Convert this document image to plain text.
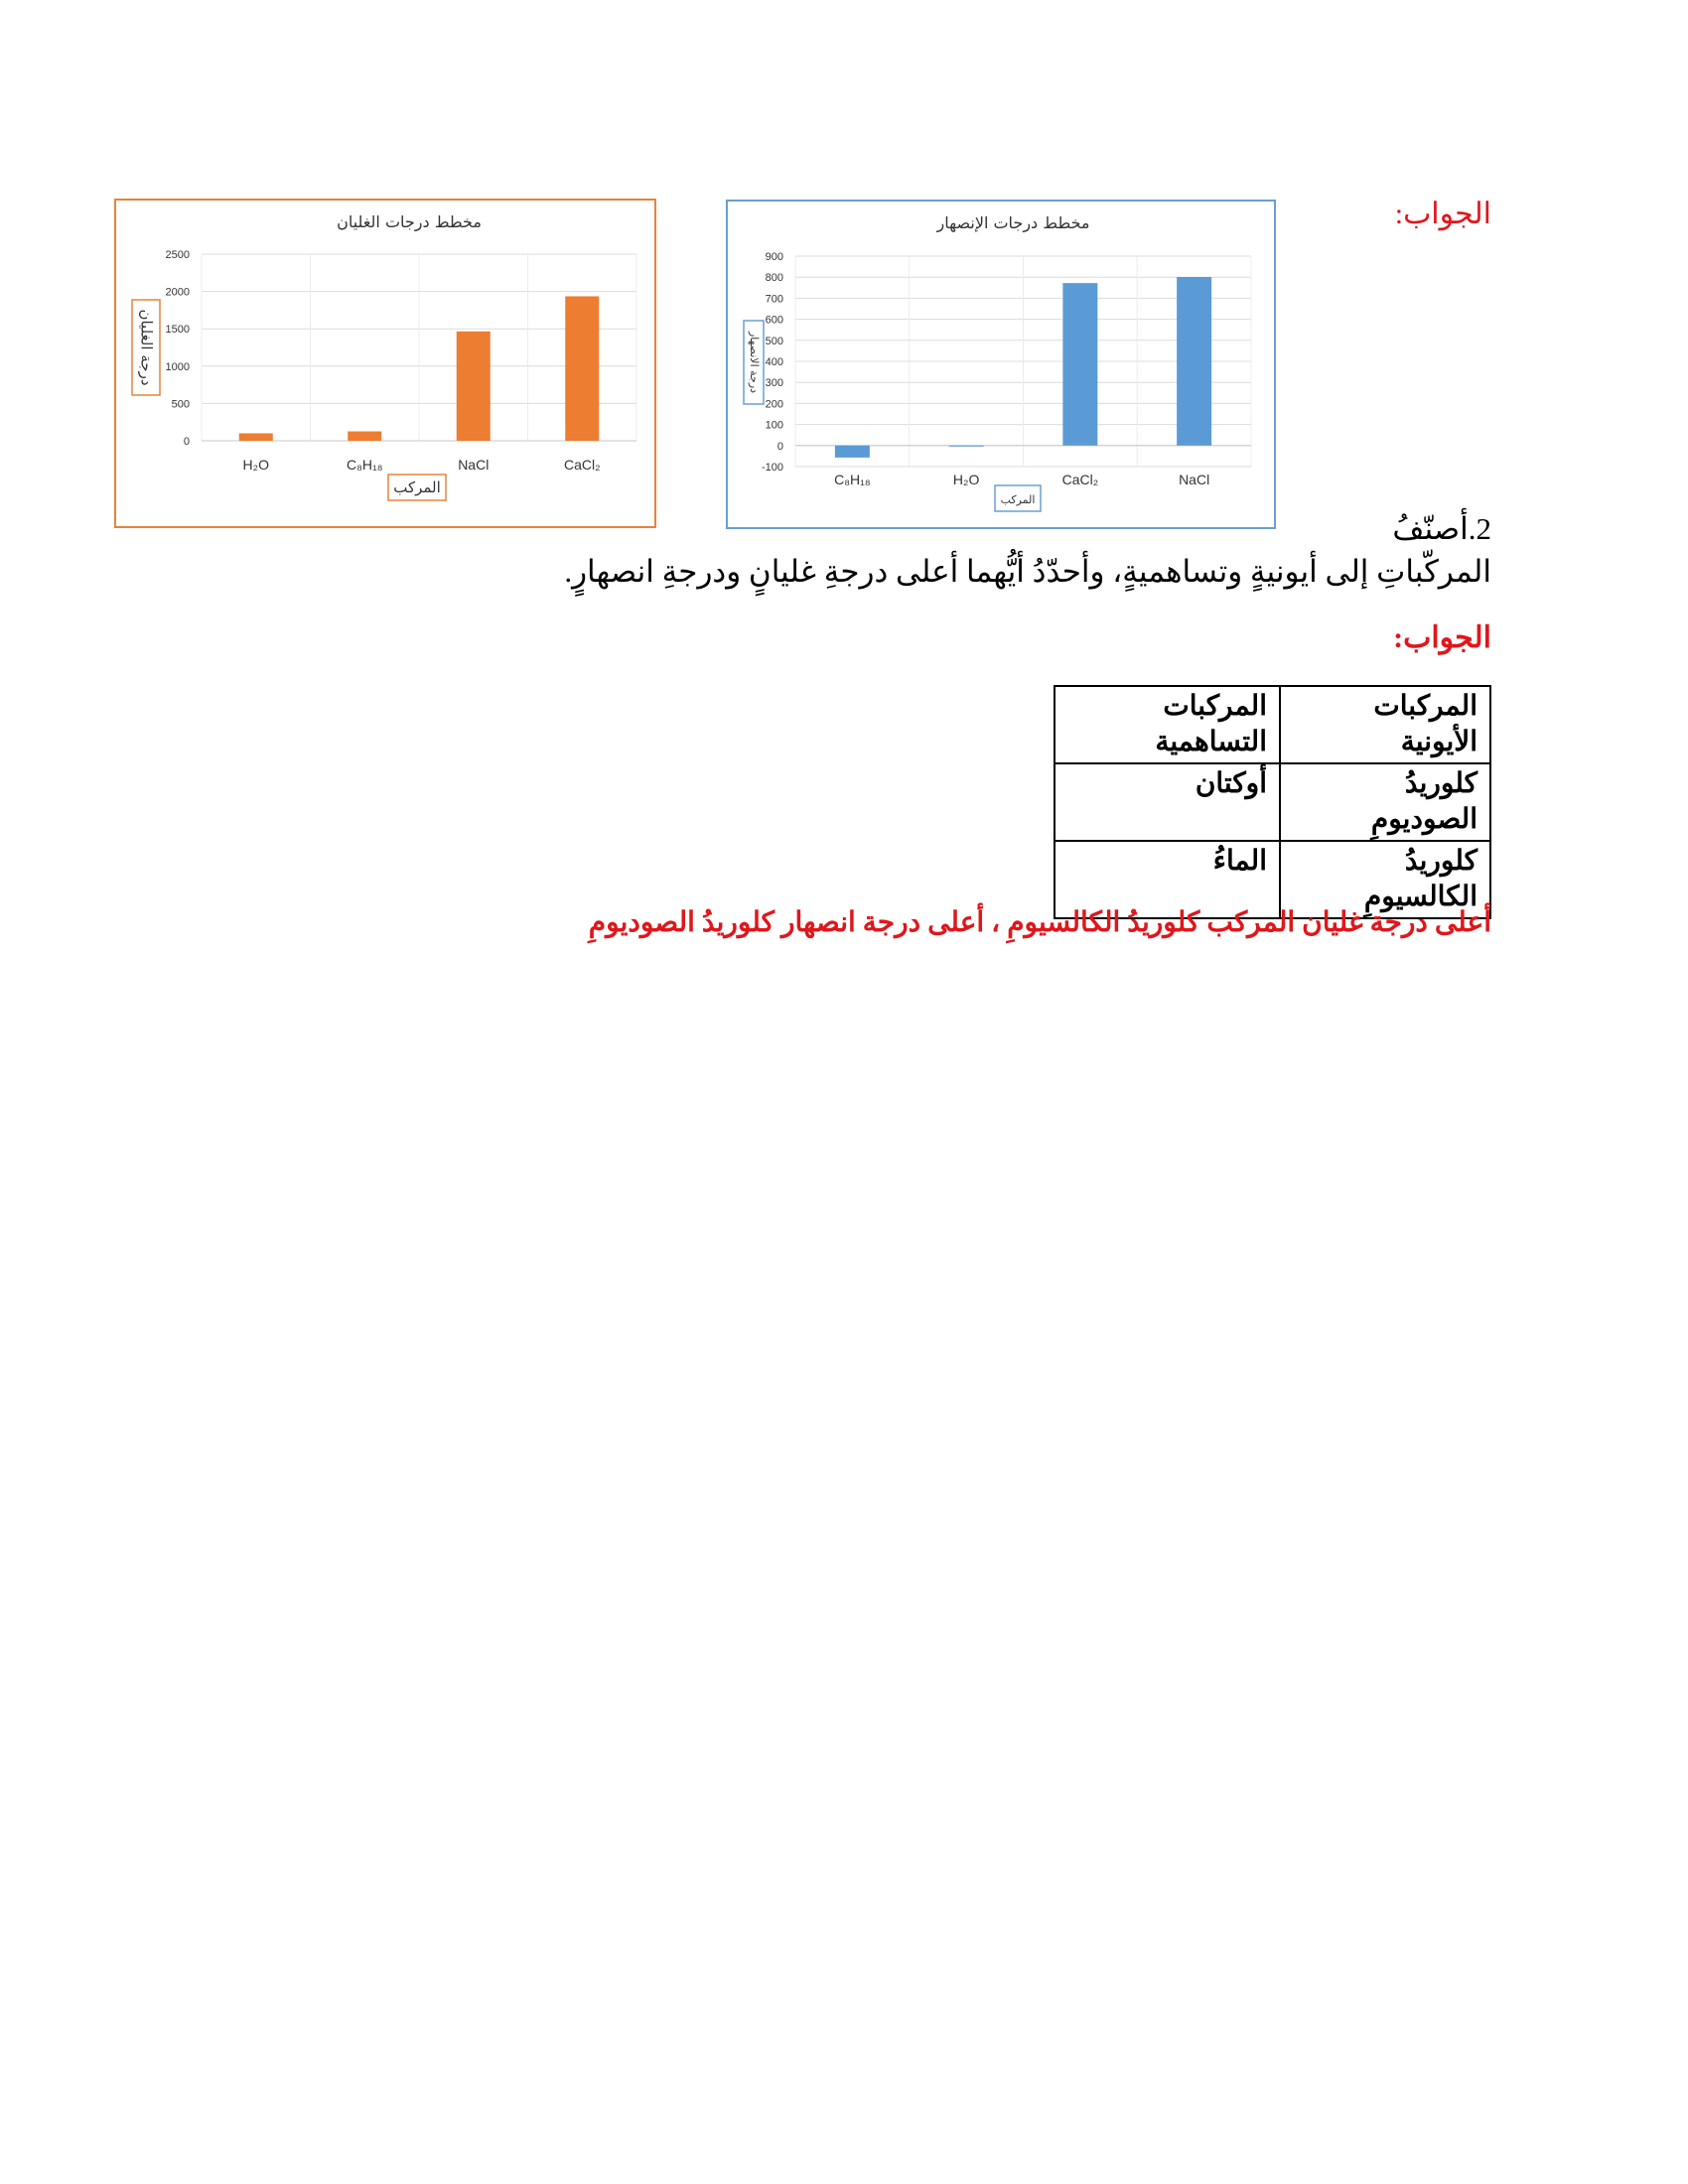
الجواب:
مخطط درجات الغليان
0
500
1000
1500
2000
2500
H₂O	C₈H₁₈	NaCl	CaCl₂
المركب
درجة الغليان
مخطط درجات الإنصهار
-100
0
100
200
300
400
500
600
700
800
900
C₈H₁₈	H₂O	CaCl₂	NaCl
المركب
درجة الانصهار
2.أصنّفُ
المركّباتِ إلى أيونيةٍ وتساهميةٍ، وأحدّدُ أيُّهما أعلى درجةِ غليانٍ ودرجةِ انصهارٍ.
الجواب:
المركبات الأيونية	المركبات التساهمية
كلوريدُ الصوديومِ	أوكتان
كلوريدُ الكالسيومِ	الماءُ
أعلى درجة غليان المركب كلوريدُ الكالسيومِ ، أعلى درجة انصهار كلوريدُ الصوديومِ
